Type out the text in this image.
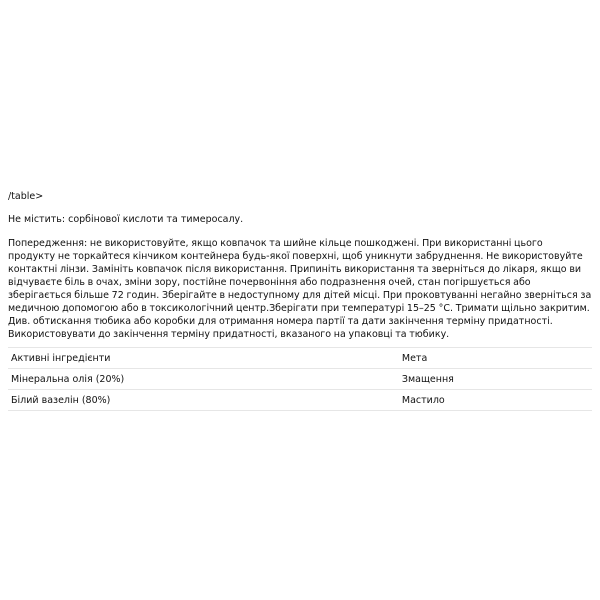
/table>

Не містить: сорбінової кислоти та тимеросалу.

Попередження: не використовуйте, якщо ковпачок та шийне кільце пошкоджені. При використанні цього продукту не торкайтеся кінчиком контейнера будь-якої поверхні, щоб уникнути забруднення. Не використовуйте контактні лінзи. Замініть ковпачок після використання. Припиніть використання та зверніться до лікаря, якщо ви відчуваєте біль в очах, зміни зору, постійне почервоніння або подразнення очей, стан погіршується або зберігається більше 72 годин. Зберігайте в недоступному для дітей місці. При проковтуванні негайно зверніться за медичною допомогою або в токсикологічний центр.Зберігати при температурі 15–25 °C. Тримати щільно закритим. Див. обтискання тюбика або коробки для отримання номера партії та дати закінчення терміну придатності. Використовувати до закінчення терміну придатності, вказаного на упаковці та тюбику.

Активні інгредієнти	Мета
Мінеральна олія (20%)	Змащення
Білий вазелін (80%)	Мастило
